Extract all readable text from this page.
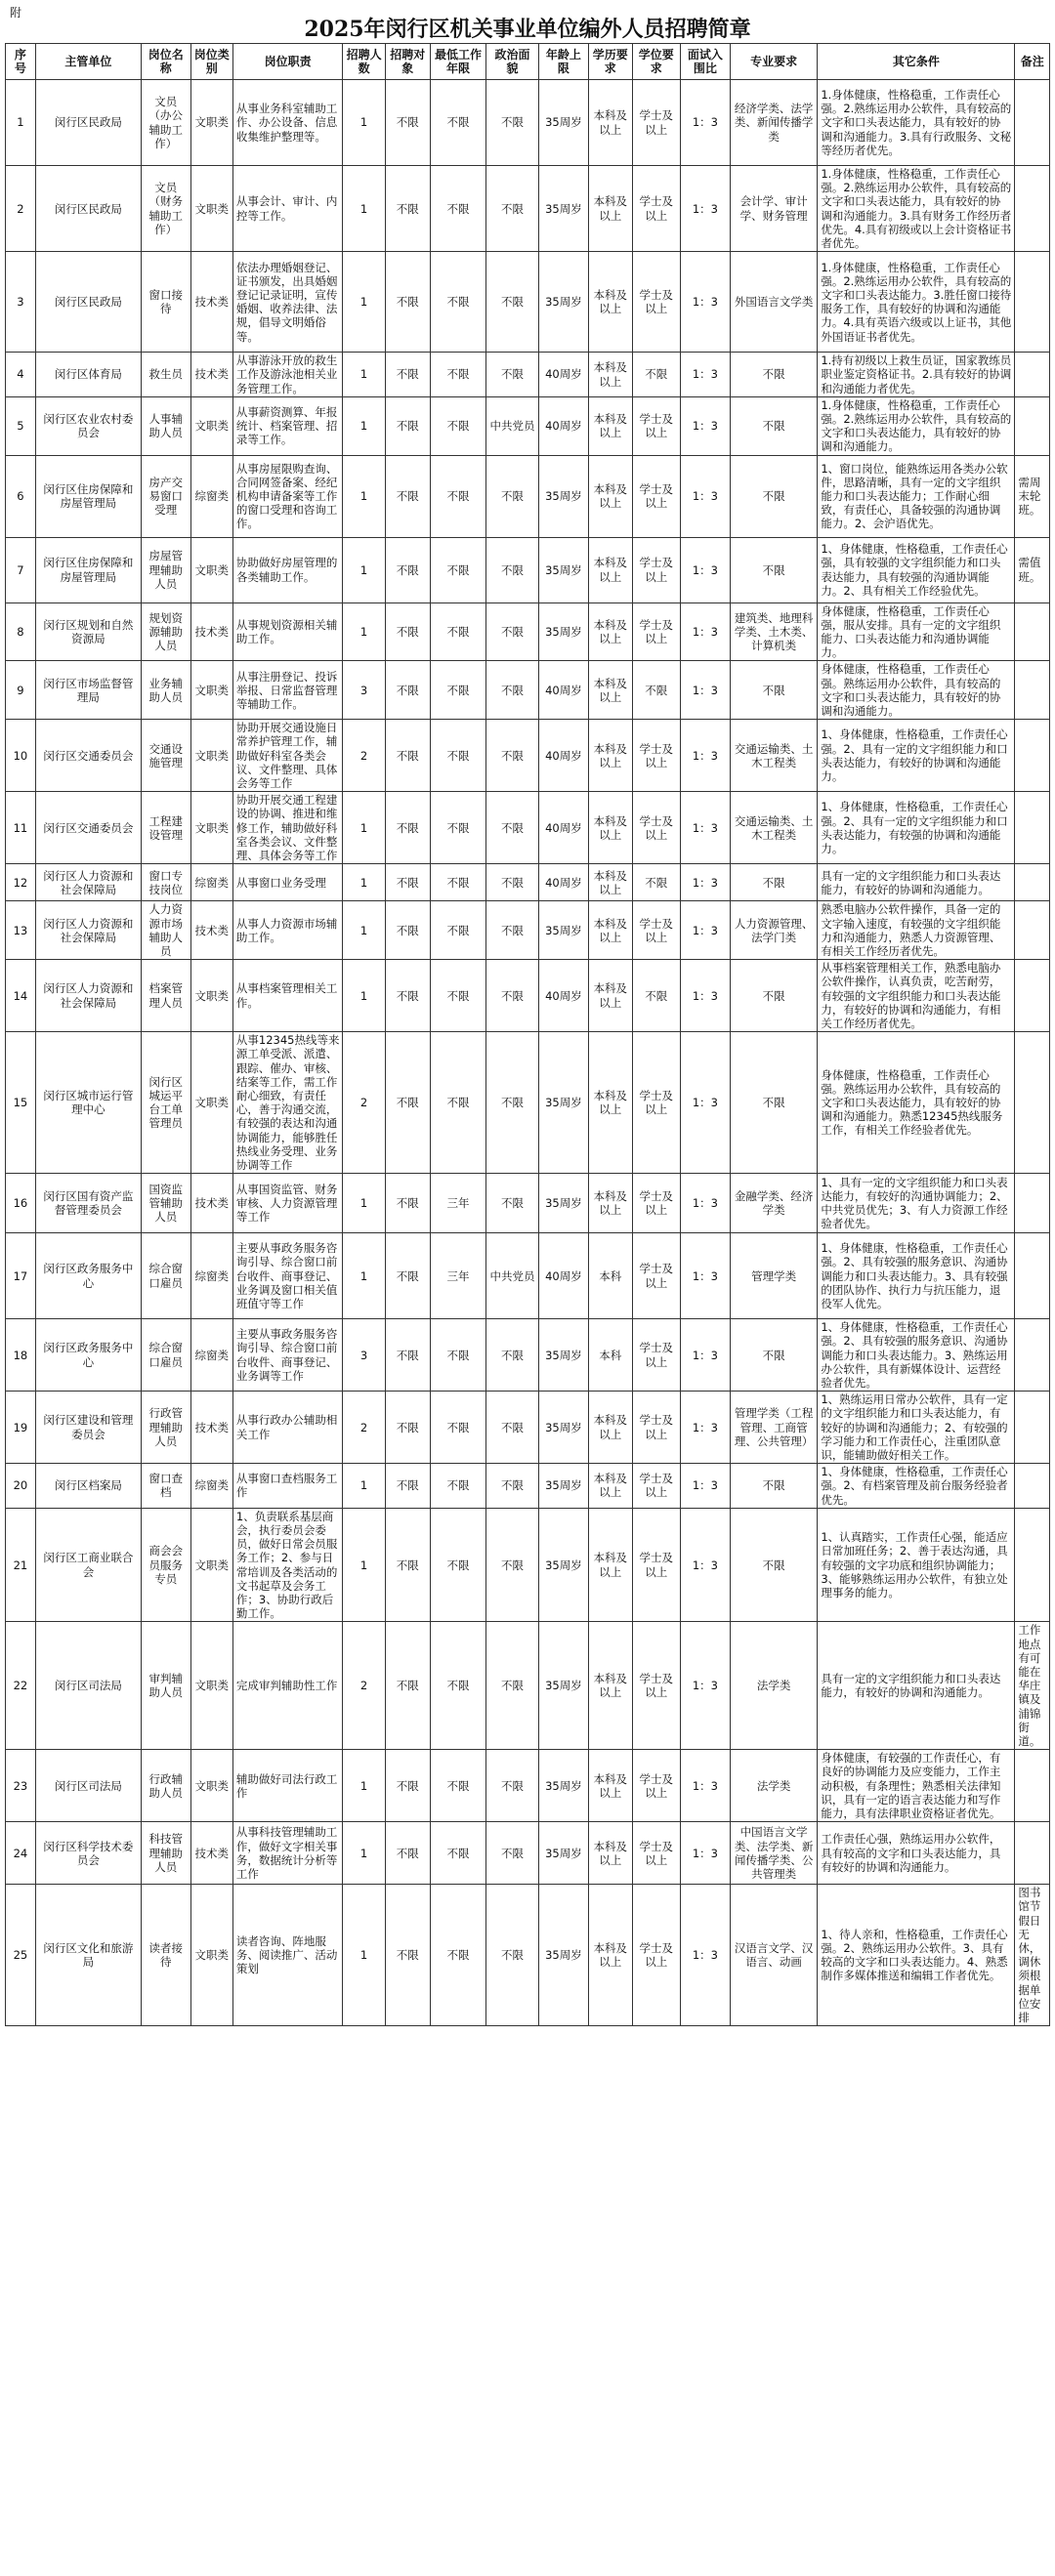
附
2025年闵行区机关事业单位编外人员招聘简章
序号	主管单位	岗位名称	岗位类别	岗位职责	招聘人数	招聘对象	最低工作年限	政治面貌	年龄上限	学历要求	学位要求	面试入围比	专业要求	其它条件	备注
1	闵行区民政局	文员（办公辅助工作）	文职类	从事业务科室辅助工作、办公设备、信息收集维护整理等。	1	不限	不限	不限	35周岁	本科及以上	学士及以上	1：3	经济学类、法学类、新闻传播学类	1.身体健康，性格稳重，工作责任心强。2.熟练运用办公软件，具有较高的文字和口头表达能力，具有较好的协调和沟通能力。3.具有行政服务、文秘等经历者优先。	
2	闵行区民政局	文员（财务辅助工作）	文职类	从事会计、审计、内控等工作。	1	不限	不限	不限	35周岁	本科及以上	学士及以上	1：3	会计学、审计学、财务管理	1.身体健康，性格稳重，工作责任心强。2.熟练运用办公软件，具有较高的文字和口头表达能力，具有较好的协调和沟通能力。3.具有财务工作经历者优先。4.具有初级或以上会计资格证书者优先。	
3	闵行区民政局	窗口接待	技术类	依法办理婚姻登记、证书颁发，出具婚姻登记记录证明，宣传婚姻、收养法律、法规，倡导文明婚俗等。	1	不限	不限	不限	35周岁	本科及以上	学士及以上	1：3	外国语言文学类	1.身体健康，性格稳重，工作责任心强。2.熟练运用办公软件，具有较高的文字和口头表达能力。3.胜任窗口接待服务工作，具有较好的协调和沟通能力。4.具有英语六级或以上证书，其他外国语证书者优先。	
4	闵行区体育局	救生员	技术类	从事游泳开放的救生工作及游泳池相关业务管理工作。	1	不限	不限	不限	40周岁	本科及以上	不限	1：3	不限	1.持有初级以上救生员证，国家教练员职业鉴定资格证书。2.具有较好的协调和沟通能力者优先。	
5	闵行区农业农村委员会	人事辅助人员	文职类	从事薪资测算、年报统计、档案管理、招录等工作。	1	不限	不限	中共党员	40周岁	本科及以上	学士及以上	1：3	不限	1.身体健康，性格稳重，工作责任心强。2.熟练运用办公软件，具有较高的文字和口头表达能力，具有较好的协调和沟通能力。	
6	闵行区住房保障和房屋管理局	房产交易窗口受理	综窗类	从事房屋限购查询、合同网签备案、经纪机构申请备案等工作的窗口受理和咨询工作。	1	不限	不限	不限	35周岁	本科及以上	学士及以上	1：3	不限	1、窗口岗位，能熟练运用各类办公软件，思路清晰，具有一定的文字组织能力和口头表达能力；工作耐心细致，有责任心，具备较强的沟通协调能力。2、会沪语优先。	需周末轮班。
7	闵行区住房保障和房屋管理局	房屋管理辅助人员	文职类	协助做好房屋管理的各类辅助工作。	1	不限	不限	不限	35周岁	本科及以上	学士及以上	1：3	不限	1、身体健康，性格稳重，工作责任心强，具有较强的文字组织能力和口头表达能力，具有较强的沟通协调能力。2、具有相关工作经验优先。	需值班。
8	闵行区规划和自然资源局	规划资源辅助人员	技术类	从事规划资源相关辅助工作。	1	不限	不限	不限	35周岁	本科及以上	学士及以上	1：3	建筑类、地理科学类、土木类、计算机类	身体健康，性格稳重，工作责任心强，服从安排。具有一定的文字组织能力、口头表达能力和沟通协调能力。	
9	闵行区市场监督管理局	业务辅助人员	文职类	从事注册登记、投诉举报、日常监督管理等辅助工作。	3	不限	不限	不限	40周岁	本科及以上	不限	1：3	不限	身体健康，性格稳重，工作责任心强。熟练运用办公软件，具有较高的文字和口头表达能力，具有较好的协调和沟通能力。	
10	闵行区交通委员会	交通设施管理	文职类	协助开展交通设施日常养护管理工作，辅助做好科室各类会议、文件整理、具体会务等工作	2	不限	不限	不限	40周岁	本科及以上	学士及以上	1：3	交通运输类、土木工程类	1、身体健康，性格稳重，工作责任心强。2、具有一定的文字组织能力和口头表达能力，有较好的协调和沟通能力。	
11	闵行区交通委员会	工程建设管理	文职类	协助开展交通工程建设的协调、推进和维修工作，辅助做好科室各类会议、文件整理、具体会务等工作	1	不限	不限	不限	40周岁	本科及以上	学士及以上	1：3	交通运输类、土木工程类	1、身体健康，性格稳重，工作责任心强。2、具有一定的文字组织能力和口头表达能力，有较强的协调和沟通能力。	
12	闵行区人力资源和社会保障局	窗口专技岗位	综窗类	从事窗口业务受理	1	不限	不限	不限	40周岁	本科及以上	不限	1：3	不限	具有一定的文字组织能力和口头表达能力，有较好的协调和沟通能力。	
13	闵行区人力资源和社会保障局	人力资源市场辅助人员	技术类	从事人力资源市场辅助工作。	1	不限	不限	不限	35周岁	本科及以上	学士及以上	1：3	人力资源管理、法学门类	熟悉电脑办公软件操作，具备一定的文字输入速度，有较强的文字组织能力和沟通能力，熟悉人力资源管理、有相关工作经历者优先。	
14	闵行区人力资源和社会保障局	档案管理人员	文职类	从事档案管理相关工作。	1	不限	不限	不限	40周岁	本科及以上	不限	1：3	不限	从事档案管理相关工作，熟悉电脑办公软件操作，认真负责，吃苦耐劳，有较强的文字组织能力和口头表达能力，有较好的协调和沟通能力，有相关工作经历者优先。	
15	闵行区城市运行管理中心	闵行区城运平台工单管理员	文职类	从事12345热线等来源工单受派、派遣、跟踪、催办、审核、结案等工作，需工作耐心细致，有责任心，善于沟通交流，有较强的表达和沟通协调能力，能够胜任热线业务受理、业务协调等工作	2	不限	不限	不限	35周岁	本科及以上	学士及以上	1：3	不限	身体健康，性格稳重，工作责任心强。熟练运用办公软件，具有较高的文字和口头表达能力，具有较好的协调和沟通能力。熟悉12345热线服务工作，有相关工作经验者优先。	
16	闵行区国有资产监督管理委员会	国资监管辅助人员	技术类	从事国资监管、财务审核、人力资源管理等工作	1	不限	三年	不限	35周岁	本科及以上	学士及以上	1：3	金融学类、经济学类	1、具有一定的文字组织能力和口头表达能力，有较好的沟通协调能力；2、中共党员优先；3、有人力资源工作经验者优先。	
17	闵行区政务服务中心	综合窗口雇员	综窗类	主要从事政务服务咨询引导、综合窗口前台收件、商事登记、业务调及窗口相关值班值守等工作	1	不限	三年	中共党员	40周岁	本科	学士及以上	1：3	管理学类	1、身体健康，性格稳重，工作责任心强。2、具有较强的服务意识、沟通协调能力和口头表达能力。3、具有较强的团队协作、执行力与抗压能力，退役军人优先。	
18	闵行区政务服务中心	综合窗口雇员	综窗类	主要从事政务服务咨询引导、综合窗口前台收件、商事登记、业务调等工作	3	不限	不限	不限	35周岁	本科	学士及以上	1：3	不限	1、身体健康，性格稳重，工作责任心强。2、具有较强的服务意识、沟通协调能力和口头表达能力。3、熟练运用办公软件，具有新媒体设计、运营经验者优先。	
19	闵行区建设和管理委员会	行政管理辅助人员	技术类	从事行政办公辅助相关工作	2	不限	不限	不限	35周岁	本科及以上	学士及以上	1：3	管理学类（工程管理、工商管理、公共管理）	1、熟练运用日常办公软件，具有一定的文字组织能力和口头表达能力，有较好的协调和沟通能力；2、有较强的学习能力和工作责任心，注重团队意识，能辅助做好相关工作。	
20	闵行区档案局	窗口查档	综窗类	从事窗口查档服务工作	1	不限	不限	不限	35周岁	本科及以上	学士及以上	1：3	不限	1、身体健康，性格稳重，工作责任心强。2、有档案管理及前台服务经验者优先。	
21	闵行区工商业联合会	商会会员服务专员	文职类	1、负责联系基层商会，执行委员会委员，做好日常会员服务工作；2、参与日常培训及各类活动的文书起草及会务工作；3、协助行政后勤工作。	1	不限	不限	不限	35周岁	本科及以上	学士及以上	1：3	不限	1、认真踏实，工作责任心强，能适应日常加班任务；2、善于表达沟通，具有较强的文字功底和组织协调能力；3、能够熟练运用办公软件，有独立处理事务的能力。	
22	闵行区司法局	审判辅助人员	文职类	完成审判辅助性工作	2	不限	不限	不限	35周岁	本科及以上	学士及以上	1：3	法学类	具有一定的文字组织能力和口头表达能力，有较好的协调和沟通能力。	工作地点有可能在华庄镇及浦锦街道。
23	闵行区司法局	行政辅助人员	文职类	辅助做好司法行政工作	1	不限	不限	不限	35周岁	本科及以上	学士及以上	1：3	法学类	身体健康，有较强的工作责任心，有良好的协调能力及应变能力，工作主动积极，有条理性；熟悉相关法律知识，具有一定的语言表达能力和写作能力，具有法律职业资格证者优先。	
24	闵行区科学技术委员会	科技管理辅助人员	技术类	从事科技管理辅助工作，做好文字相关事务，数据统计分析等工作	1	不限	不限	不限	35周岁	本科及以上	学士及以上	1：3	中国语言文学类、法学类、新闻传播学类、公共管理类	工作责任心强，熟练运用办公软件，具有较高的文字和口头表达能力，具有较好的协调和沟通能力。	
25	闵行区文化和旅游局	读者接待	文职类	读者咨询、阵地服务、阅读推广、活动策划	1	不限	不限	不限	35周岁	本科及以上	学士及以上	1：3	汉语言文学、汉语言、动画	1、待人亲和，性格稳重，工作责任心强。2、熟练运用办公软件。3、具有较高的文字和口头表达能力。4、熟悉制作多媒体推送和编辑工作者优先。	图书馆节假日无休，调休须根据单位安排
